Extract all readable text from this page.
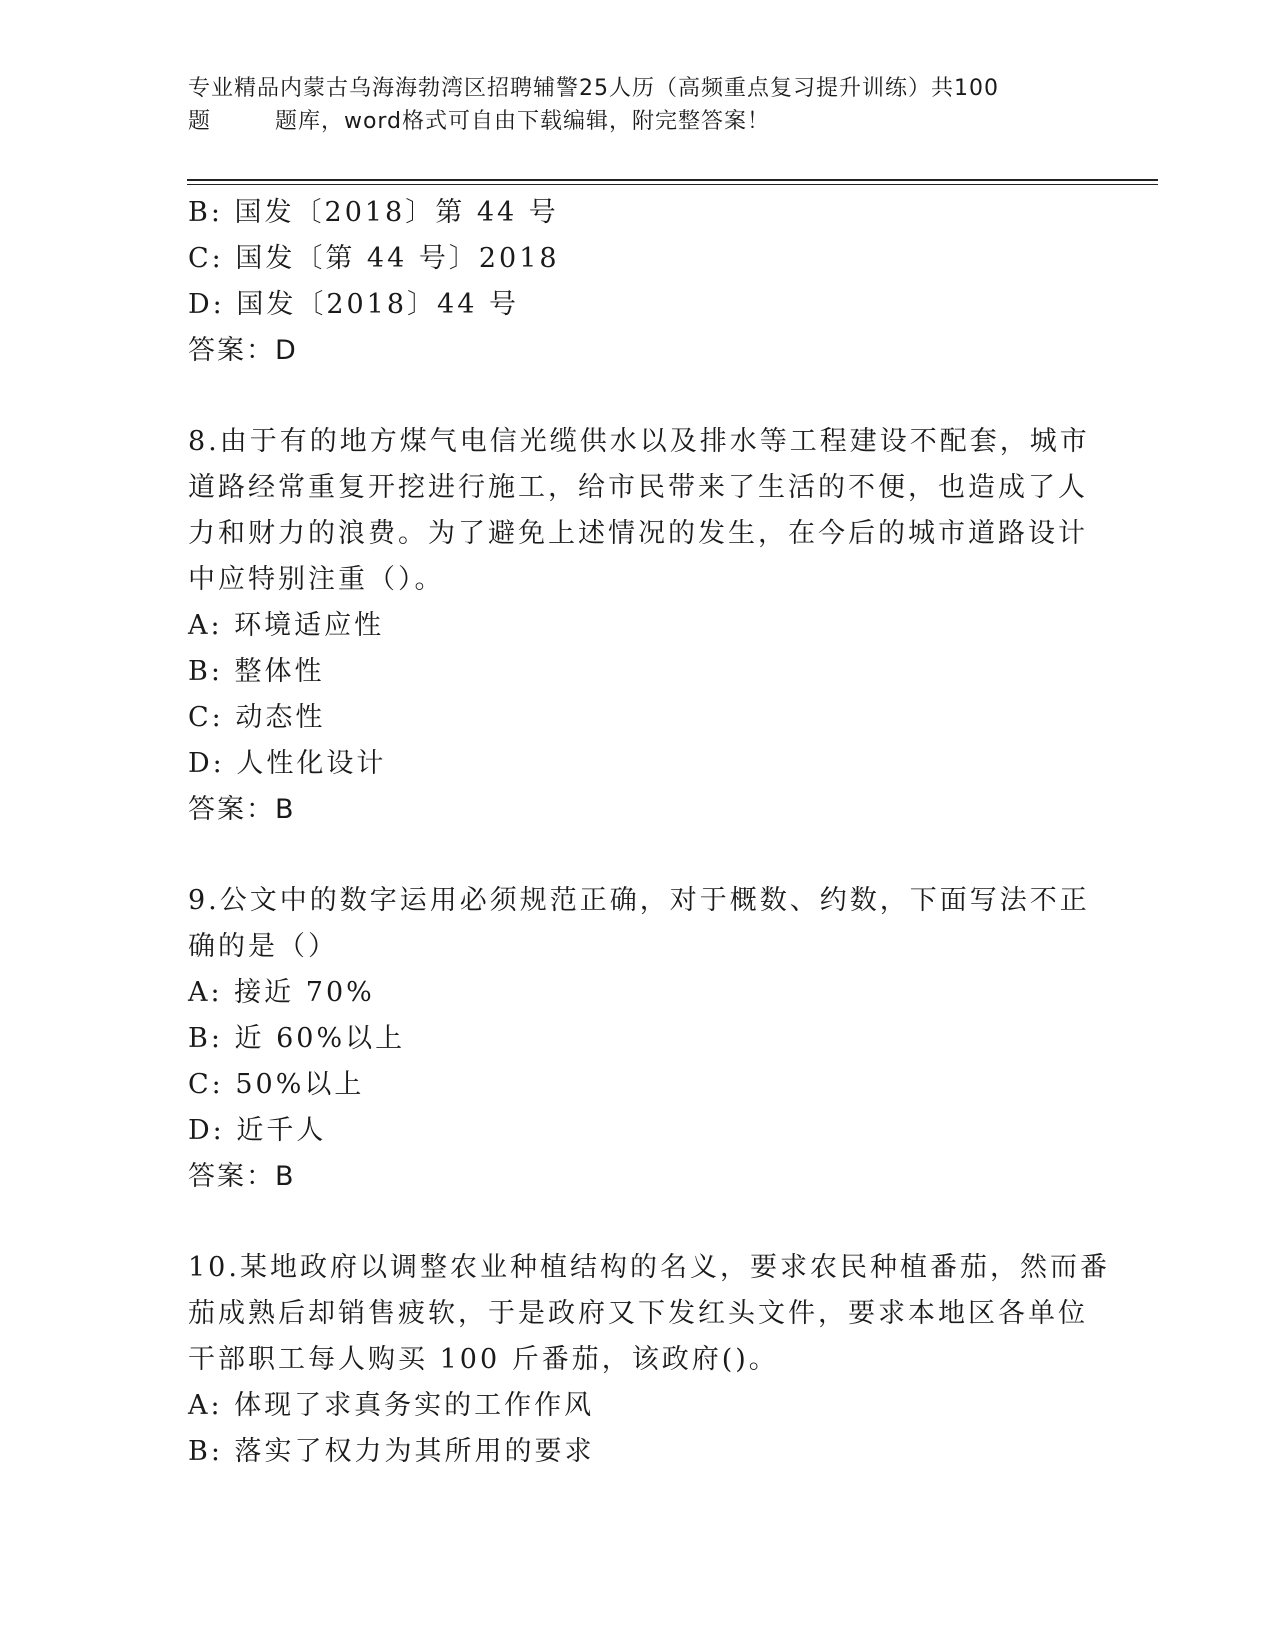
专业精品内蒙古乌海海勃湾区招聘辅警25人历（高频重点复习提升训练）共100
题        题库，word格式可自由下载编辑，附完整答案！
B: 国发〔2018〕第 44 号
C: 国发〔第 44 号〕2018
D: 国发〔2018〕44 号
答案：D
8.由于有的地方煤气电信光缆供水以及排水等工程建设不配套，城市
道路经常重复开挖进行施工，给市民带来了生活的不便，也造成了人
力和财力的浪费。为了避免上述情况的发生，在今后的城市道路设计
中应特别注重（）。
A: 环境适应性
B: 整体性
C: 动态性
D: 人性化设计
答案：B
9.公文中的数字运用必须规范正确，对于概数、约数，下面写法不正
确的是（）
A: 接近 70%
B: 近 60%以上
C: 50%以上
D: 近千人
答案：B
10.某地政府以调整农业种植结构的名义，要求农民种植番茄，然而番
茄成熟后却销售疲软，于是政府又下发红头文件，要求本地区各单位
干部职工每人购买 100 斤番茄，该政府()。
A: 体现了求真务实的工作作风
B: 落实了权力为其所用的要求
